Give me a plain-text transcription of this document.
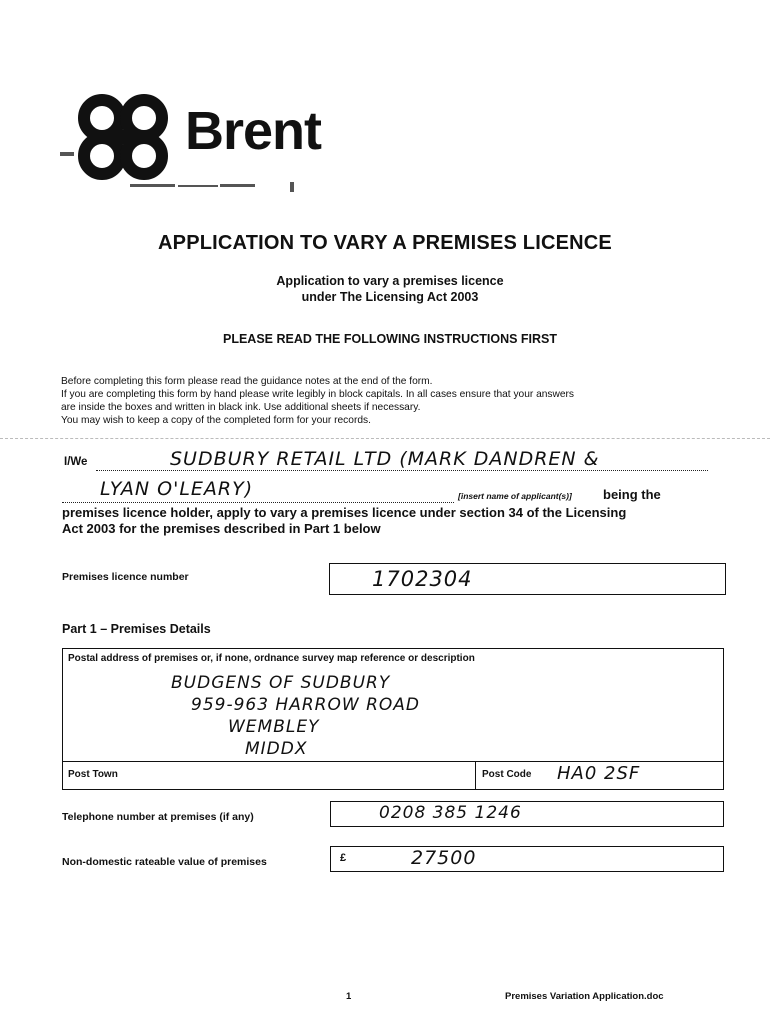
Brent
APPLICATION TO VARY A PREMISES LICENCE
Application to vary a premises licence
under The Licensing Act 2003
PLEASE READ THE FOLLOWING INSTRUCTIONS FIRST
Before completing this form please read the guidance notes at the end of the form.
If you are completing this form by hand please write legibly in block capitals. In all cases ensure that your answers
are inside the boxes and written in black ink. Use additional sheets if necessary.
You may wish to keep a copy of the completed form for your records.
I/We	SUDBURY RETAIL LTD (MARK DANDREN &
LYAN O'LEARY)	[insert name of applicant(s)] being the
premises licence holder, apply to vary a premises licence under section 34 of the Licensing
Act 2003 for the premises described in Part 1 below
Premises licence number	1702304
Part 1 – Premises Details
Postal address of premises or, if none, ordnance survey map reference or description
BUDGENS OF SUDBURY
959-963 HARROW ROAD
WEMBLEY
MIDDX
Post Town	Post Code HA0 2SF
Telephone number at premises (if any)	0208 385 1246
Non-domestic rateable value of premises	£	27500
1	Premises Variation Application.doc
